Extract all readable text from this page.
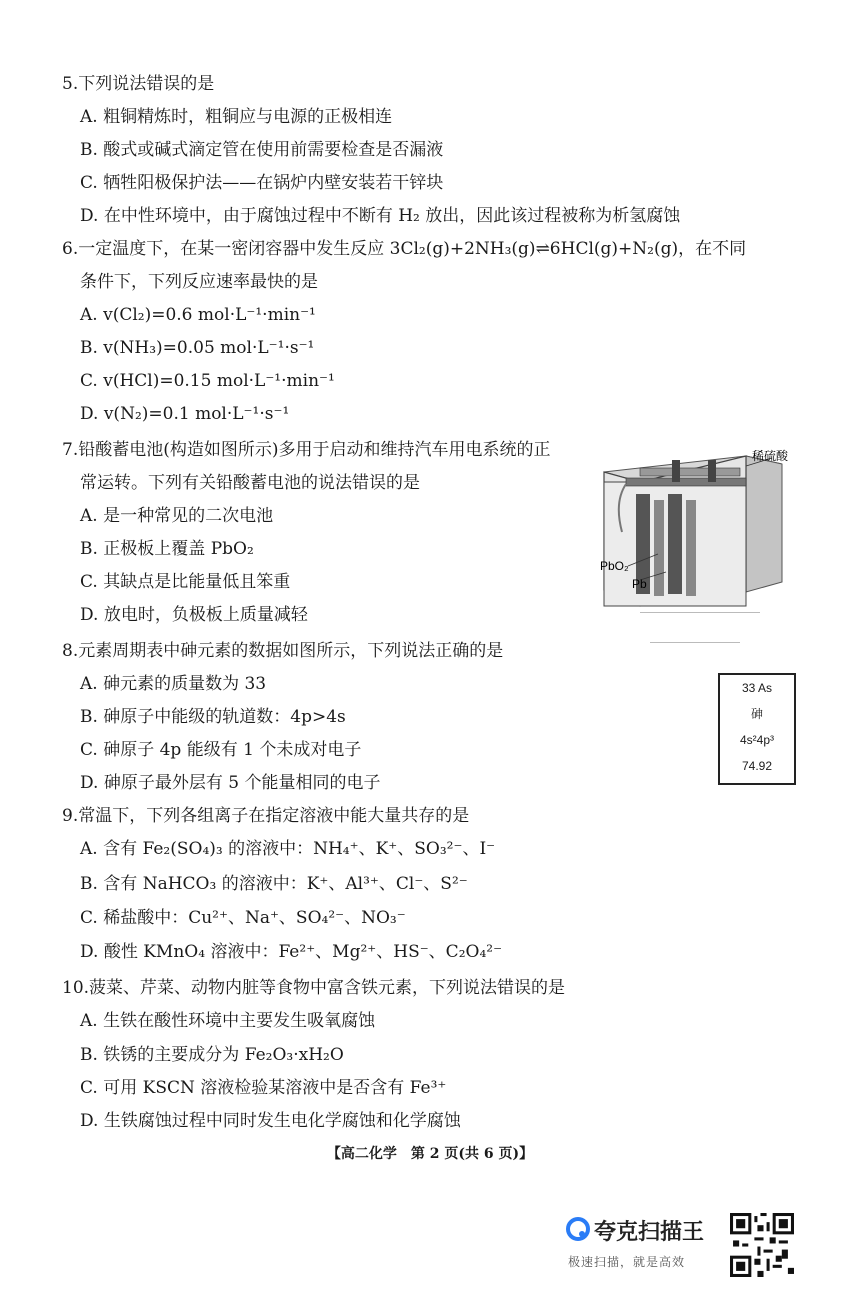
5.下列说法错误的是
A. 粗铜精炼时，粗铜应与电源的正极相连
B. 酸式或碱式滴定管在使用前需要检查是否漏液
C. 牺牲阳极保护法——在锅炉内壁安装若干锌块
D. 在中性环境中，由于腐蚀过程中不断有 H₂ 放出，因此该过程被称为析氢腐蚀
6.一定温度下，在某一密闭容器中发生反应 3Cl₂(g)+2NH₃(g)⇌6HCl(g)+N₂(g)，在不同
条件下，下列反应速率最快的是
A. v(Cl₂)=0.6 mol·L⁻¹·min⁻¹
B. v(NH₃)=0.05 mol·L⁻¹·s⁻¹
C. v(HCl)=0.15 mol·L⁻¹·min⁻¹
D. v(N₂)=0.1 mol·L⁻¹·s⁻¹
7.铅酸蓄电池(构造如图所示)多用于启动和维持汽车用电系统的正
常运转。下列有关铅酸蓄电池的说法错误的是
A. 是一种常见的二次电池
B. 正极板上覆盖 PbO₂
C. 其缺点是比能量低且笨重
D. 放电时，负极板上质量减轻
稀硫酸
PbO₂
Pb
8.元素周期表中砷元素的数据如图所示，下列说法正确的是
A. 砷元素的质量数为 33
B. 砷原子中能级的轨道数：4p>4s
C. 砷原子 4p 能级有 1 个未成对电子
D. 砷原子最外层有 5 个能量相同的电子
33 As
砷
4s²4p³
74.92
9.常温下，下列各组离子在指定溶液中能大量共存的是
A. 含有 Fe₂(SO₄)₃ 的溶液中：NH₄⁺、K⁺、SO₃²⁻、I⁻
B. 含有 NaHCO₃ 的溶液中：K⁺、Al³⁺、Cl⁻、S²⁻
C. 稀盐酸中：Cu²⁺、Na⁺、SO₄²⁻、NO₃⁻
D. 酸性 KMnO₄ 溶液中：Fe²⁺、Mg²⁺、HS⁻、C₂O₄²⁻
10.菠菜、芹菜、动物内脏等食物中富含铁元素，下列说法错误的是
A. 生铁在酸性环境中主要发生吸氧腐蚀
B. 铁锈的主要成分为 Fe₂O₃·xH₂O
C. 可用 KSCN 溶液检验某溶液中是否含有 Fe³⁺
D. 生铁腐蚀过程中同时发生电化学腐蚀和化学腐蚀
【高二化学　第 2 页(共 6 页)】
夸克扫描王
极速扫描，就是高效
